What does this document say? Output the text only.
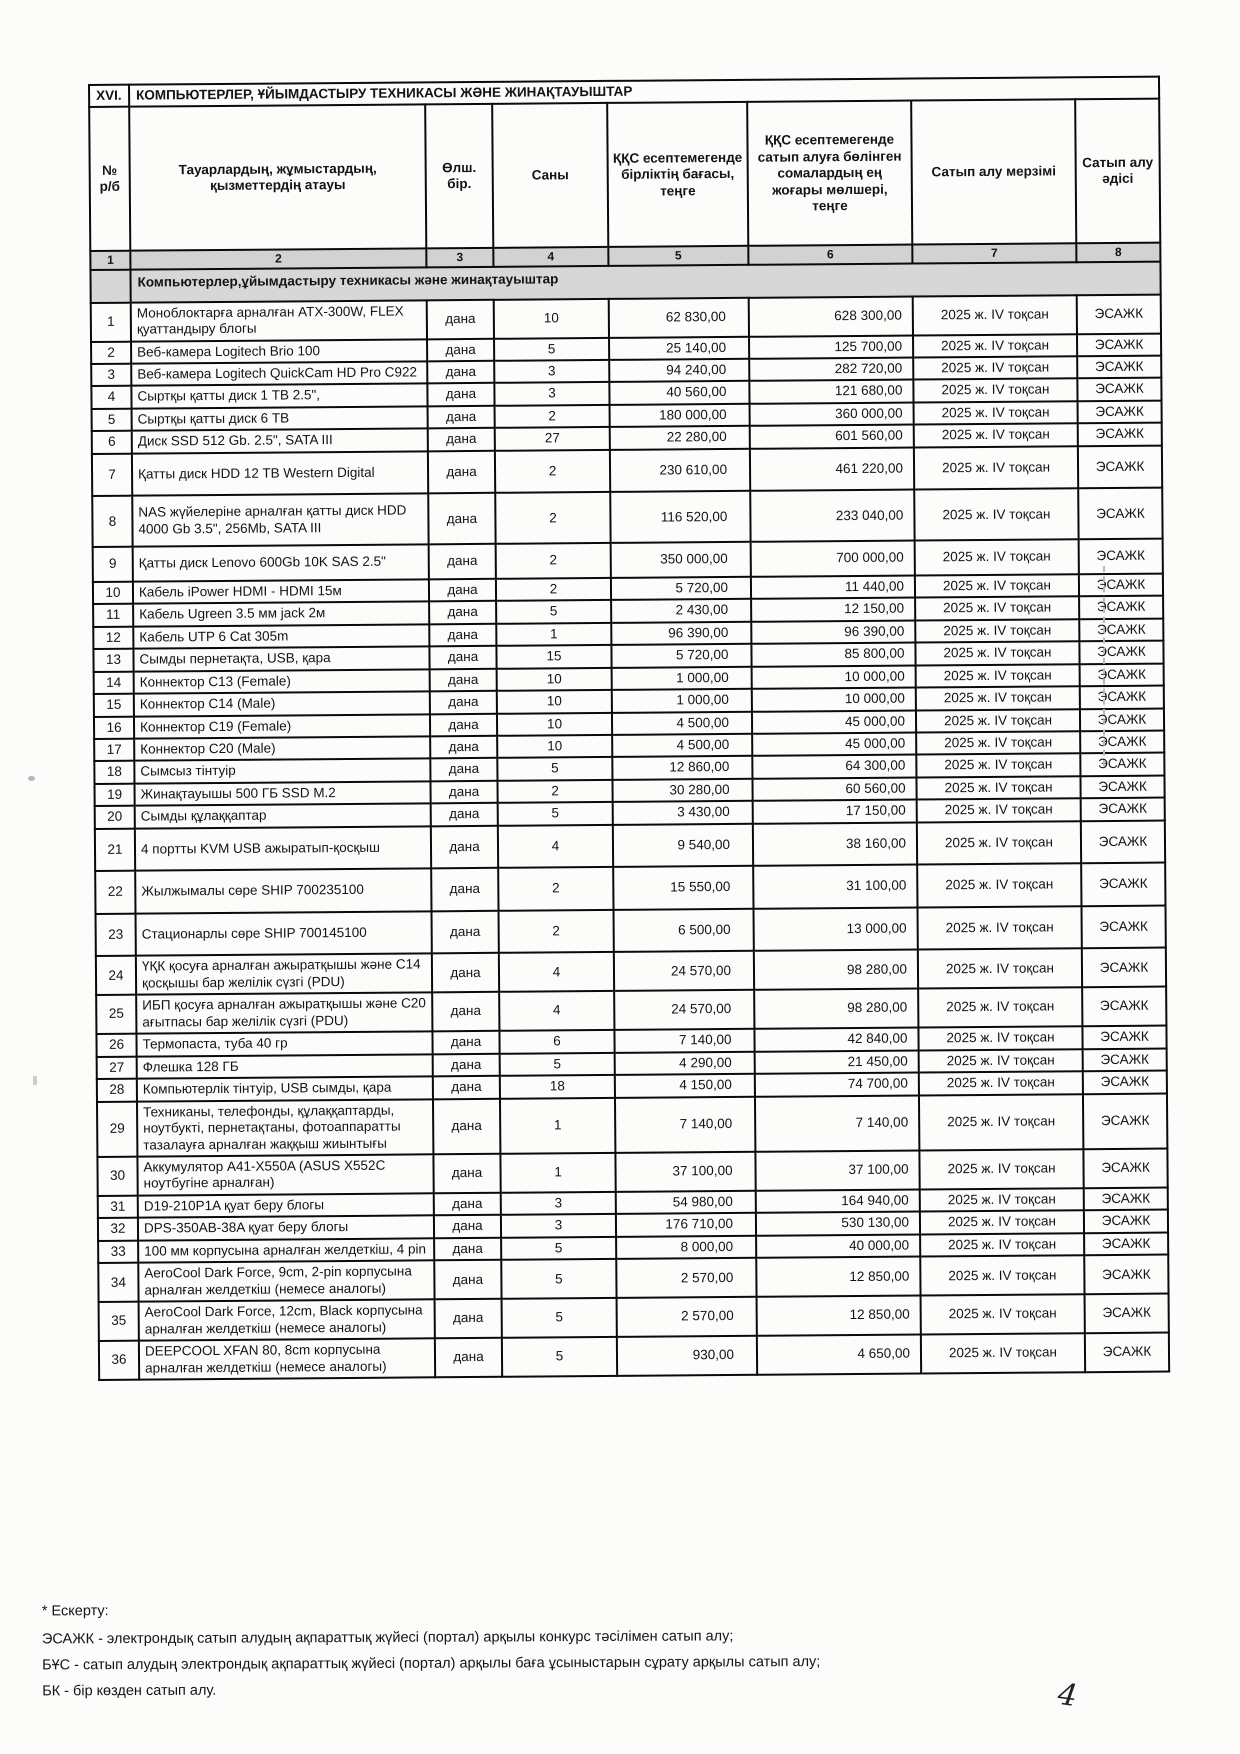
XVI.	КОМПЬЮТЕРЛЕР, ҰЙЫМДАСТЫРУ ТЕХНИКАСЫ ЖӘНЕ ЖИНАҚТАУЫШТАР						
№ р/б	Тауарлардың, жұмыстардың, қызметтердің атауы	Өлш. бір.	Саны	ҚҚС есептемегенде бірліктің бағасы, теңге	ҚҚС есептемегенде сатып алуға бөлінген сомалардың ең жоғары мөлшері, теңге	Сатып алу мерзімі	Сатып алу әдісі
1	2	3	4	5	6	7	8
	Компьютерлер,ұйымдастыру техникасы және жинақтауыштар						
1	Моноблоктарға арналған ATX-300W, FLEX қуаттандыру блогы	дана	10	62 830,00	628 300,00	2025 ж. IV тоқсан	ЭСАЖК
2	Веб-камера Logitech Brio 100	дана	5	25 140,00	125 700,00	2025 ж. IV тоқсан	ЭСАЖК
3	Веб-камера Logitech QuickCam HD Pro C922	дана	3	94 240,00	282 720,00	2025 ж. IV тоқсан	ЭСАЖК
4	Сыртқы қатты диск 1 TB 2.5",	дана	3	40 560,00	121 680,00	2025 ж. IV тоқсан	ЭСАЖК
5	Сыртқы қатты диск 6 TB	дана	2	180 000,00	360 000,00	2025 ж. IV тоқсан	ЭСАЖК
6	Диск SSD 512 Gb. 2.5", SATA III	дана	27	22 280,00	601 560,00	2025 ж. IV тоқсан	ЭСАЖК
7	Қатты диск HDD 12 TB Western Digital	дана	2	230 610,00	461 220,00	2025 ж. IV тоқсан	ЭСАЖК
8	NAS жүйелеріне арналған қатты диск HDD 4000 Gb 3.5", 256Mb, SATA III	дана	2	116 520,00	233 040,00	2025 ж. IV тоқсан	ЭСАЖК
9	Қатты диск Lenovo 600Gb 10K SAS 2.5"	дана	2	350 000,00	700 000,00	2025 ж. IV тоқсан	ЭСАЖК
10	Кабель iPower HDMI - HDMI 15м	дана	2	5 720,00	11 440,00	2025 ж. IV тоқсан	ЭСАЖК
11	Кабель Ugreen 3.5 мм jack 2м	дана	5	2 430,00	12 150,00	2025 ж. IV тоқсан	ЭСАЖК
12	Кабель UTP 6 Cat 305m	дана	1	96 390,00	96 390,00	2025 ж. IV тоқсан	ЭСАЖК
13	Сымды пернетақта, USB, қара	дана	15	5 720,00	85 800,00	2025 ж. IV тоқсан	ЭСАЖК
14	Коннектор C13 (Female)	дана	10	1 000,00	10 000,00	2025 ж. IV тоқсан	ЭСАЖК
15	Коннектор C14 (Male)	дана	10	1 000,00	10 000,00	2025 ж. IV тоқсан	ЭСАЖК
16	Коннектор C19 (Female)	дана	10	4 500,00	45 000,00	2025 ж. IV тоқсан	ЭСАЖК
17	Коннектор C20 (Male)	дана	10	4 500,00	45 000,00	2025 ж. IV тоқсан	ЭСАЖК
18	Сымсыз тінтуір	дана	5	12 860,00	64 300,00	2025 ж. IV тоқсан	ЭСАЖК
19	Жинақтауышы 500 ГБ SSD M.2	дана	2	30 280,00	60 560,00	2025 ж. IV тоқсан	ЭСАЖК
20	Сымды құлаққаптар	дана	5	3 430,00	17 150,00	2025 ж. IV тоқсан	ЭСАЖК
21	4 портты KVM USB ажыратып-қосқыш	дана	4	9 540,00	38 160,00	2025 ж. IV тоқсан	ЭСАЖК
22	Жылжымалы сөре SHIP 700235100	дана	2	15 550,00	31 100,00	2025 ж. IV тоқсан	ЭСАЖК
23	Стационарлы сөре SHIP 700145100	дана	2	6 500,00	13 000,00	2025 ж. IV тоқсан	ЭСАЖК
24	ҮҚК қосуға арналған ажыратқышы және C14 қосқышы бар желілік сүзгі (PDU)	дана	4	24 570,00	98 280,00	2025 ж. IV тоқсан	ЭСАЖК
25	ИБП қосуға арналған ажыратқышы және C20 ағытпасы бар желілік сүзгі (PDU)	дана	4	24 570,00	98 280,00	2025 ж. IV тоқсан	ЭСАЖК
26	Термопаста, туба 40 гр	дана	6	7 140,00	42 840,00	2025 ж. IV тоқсан	ЭСАЖК
27	Флешка 128 ГБ	дана	5	4 290,00	21 450,00	2025 ж. IV тоқсан	ЭСАЖК
28	Компьютерлік тінтуір, USB сымды, қара	дана	18	4 150,00	74 700,00	2025 ж. IV тоқсан	ЭСАЖК
29	Техниканы, телефонды, құлаққаптарды, ноутбукті, пернетақтаны, фотоаппаратты тазалауға арналған жаққыш жиынтығы	дана	1	7 140,00	7 140,00	2025 ж. IV тоқсан	ЭСАЖК
30	Аккумулятор A41-X550A (ASUS X552C ноутбугіне арналған)	дана	1	37 100,00	37 100,00	2025 ж. IV тоқсан	ЭСАЖК
31	D19-210P1A қуат беру блогы	дана	3	54 980,00	164 940,00	2025 ж. IV тоқсан	ЭСАЖК
32	DPS-350AB-38A қуат беру блогы	дана	3	176 710,00	530 130,00	2025 ж. IV тоқсан	ЭСАЖК
33	100 мм корпусына арналған желдеткіш, 4 pin	дана	5	8 000,00	40 000,00	2025 ж. IV тоқсан	ЭСАЖК
34	AeroCool Dark Force, 9cm, 2-pin корпусына арналған желдеткіш (немесе аналогы)	дана	5	2 570,00	12 850,00	2025 ж. IV тоқсан	ЭСАЖК
35	AeroCool Dark Force, 12cm, Black корпусына арналған желдеткіш (немесе аналогы)	дана	5	2 570,00	12 850,00	2025 ж. IV тоқсан	ЭСАЖК
36	DEEPCOOL XFAN 80, 8cm корпусына арналған желдеткіш (немесе аналогы)	дана	5	930,00	4 650,00	2025 ж. IV тоқсан	ЭСАЖК
* Ескерту:
ЭСАЖК - электрондық сатып алудың ақпараттық жүйесі (портал) арқылы конкурс тәсілімен сатып алу;
БҰС - сатып алудың электрондық ақпараттық жүйесі (портал) арқылы баға ұсыныстарын сұрату арқылы сатып алу;
БК - бір көзден сатып алу.	4
